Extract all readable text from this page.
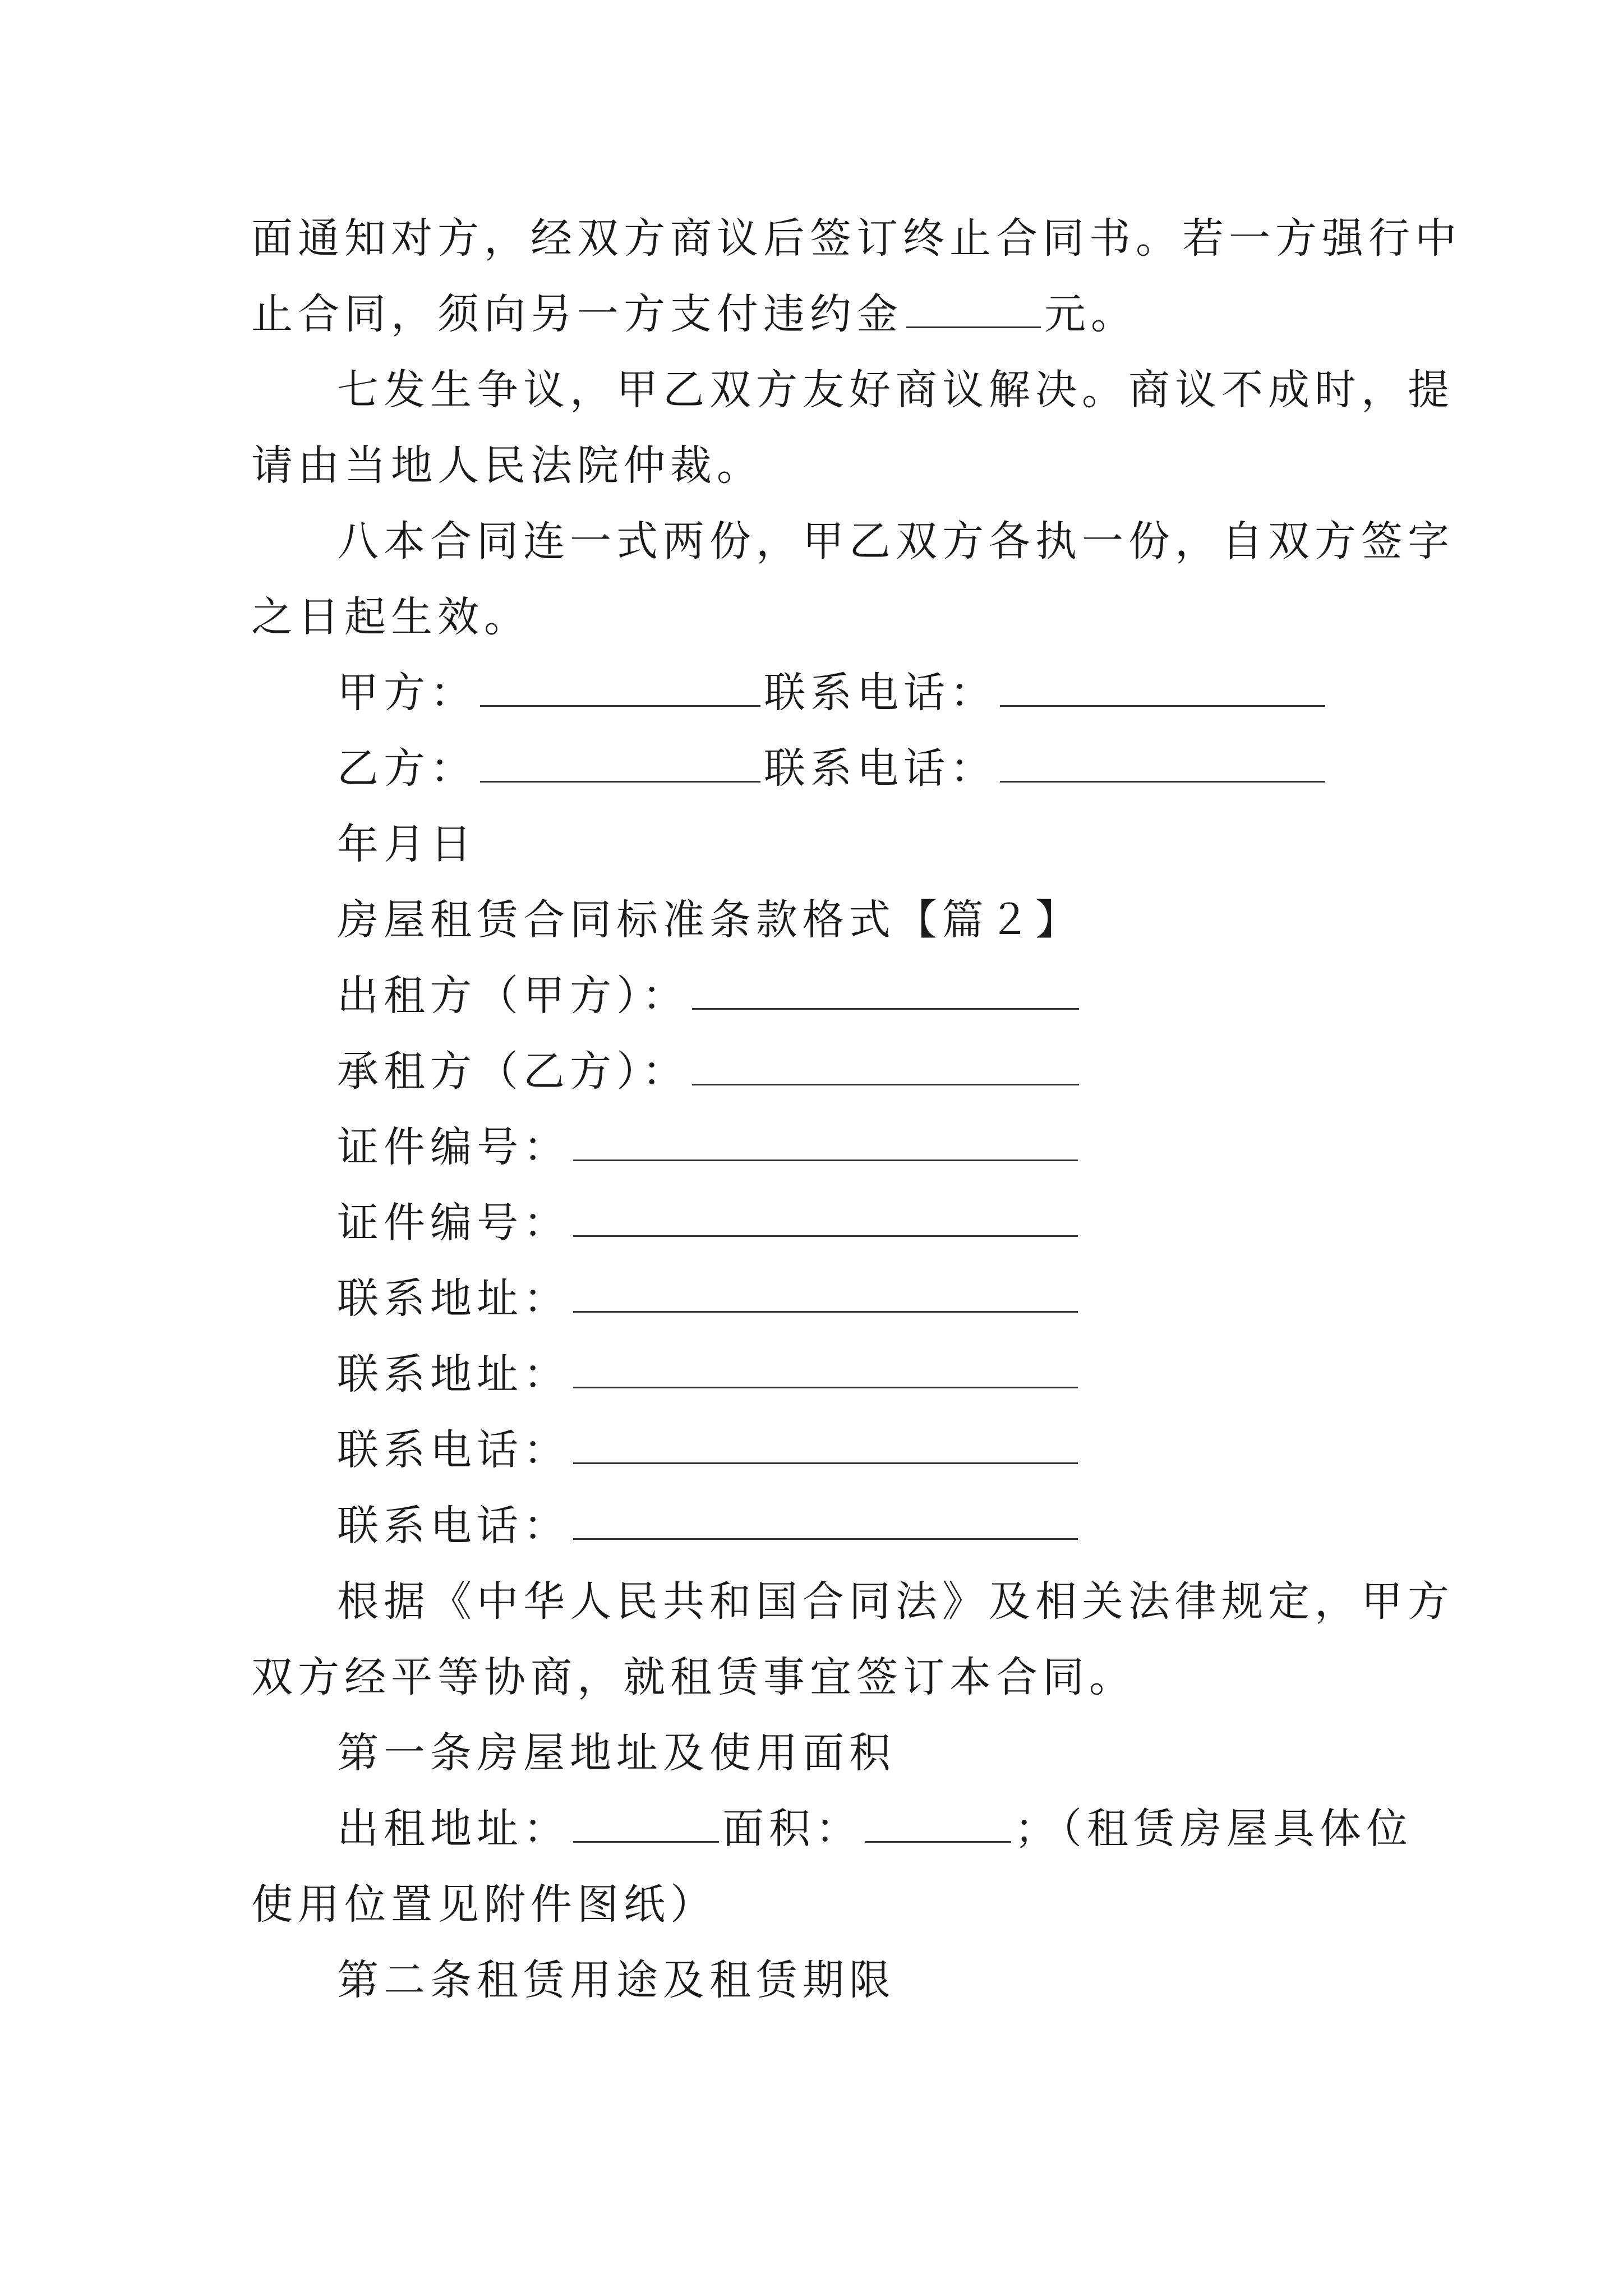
面通知对方，经双方商议后签订终止合同书。若一方强行中
止合同，须向另一方支付违约金	元。
七发生争议，甲乙双方友好商议解决。商议不成时，提
请由当地人民法院仲裁。
八本合同连一式两份，甲乙双方各执一份，自双方签字
之日起生效。
甲方：	联系电话：
乙方：	联系电话：
年月日
房屋租赁合同标准条款格式【篇２】
出租方（甲方）：
承租方（乙方）：
证件编号：
证件编号：
联系地址：
联系地址：
联系电话：
联系电话：
根据《中华人民共和国合同法》及相关法律规定，甲方
双方经平等协商，就租赁事宜签订本合同。
第一条房屋地址及使用面积
出租地址：	面积：	；（租赁房屋具体位
使用位置见附件图纸）
第二条租赁用途及租赁期限
